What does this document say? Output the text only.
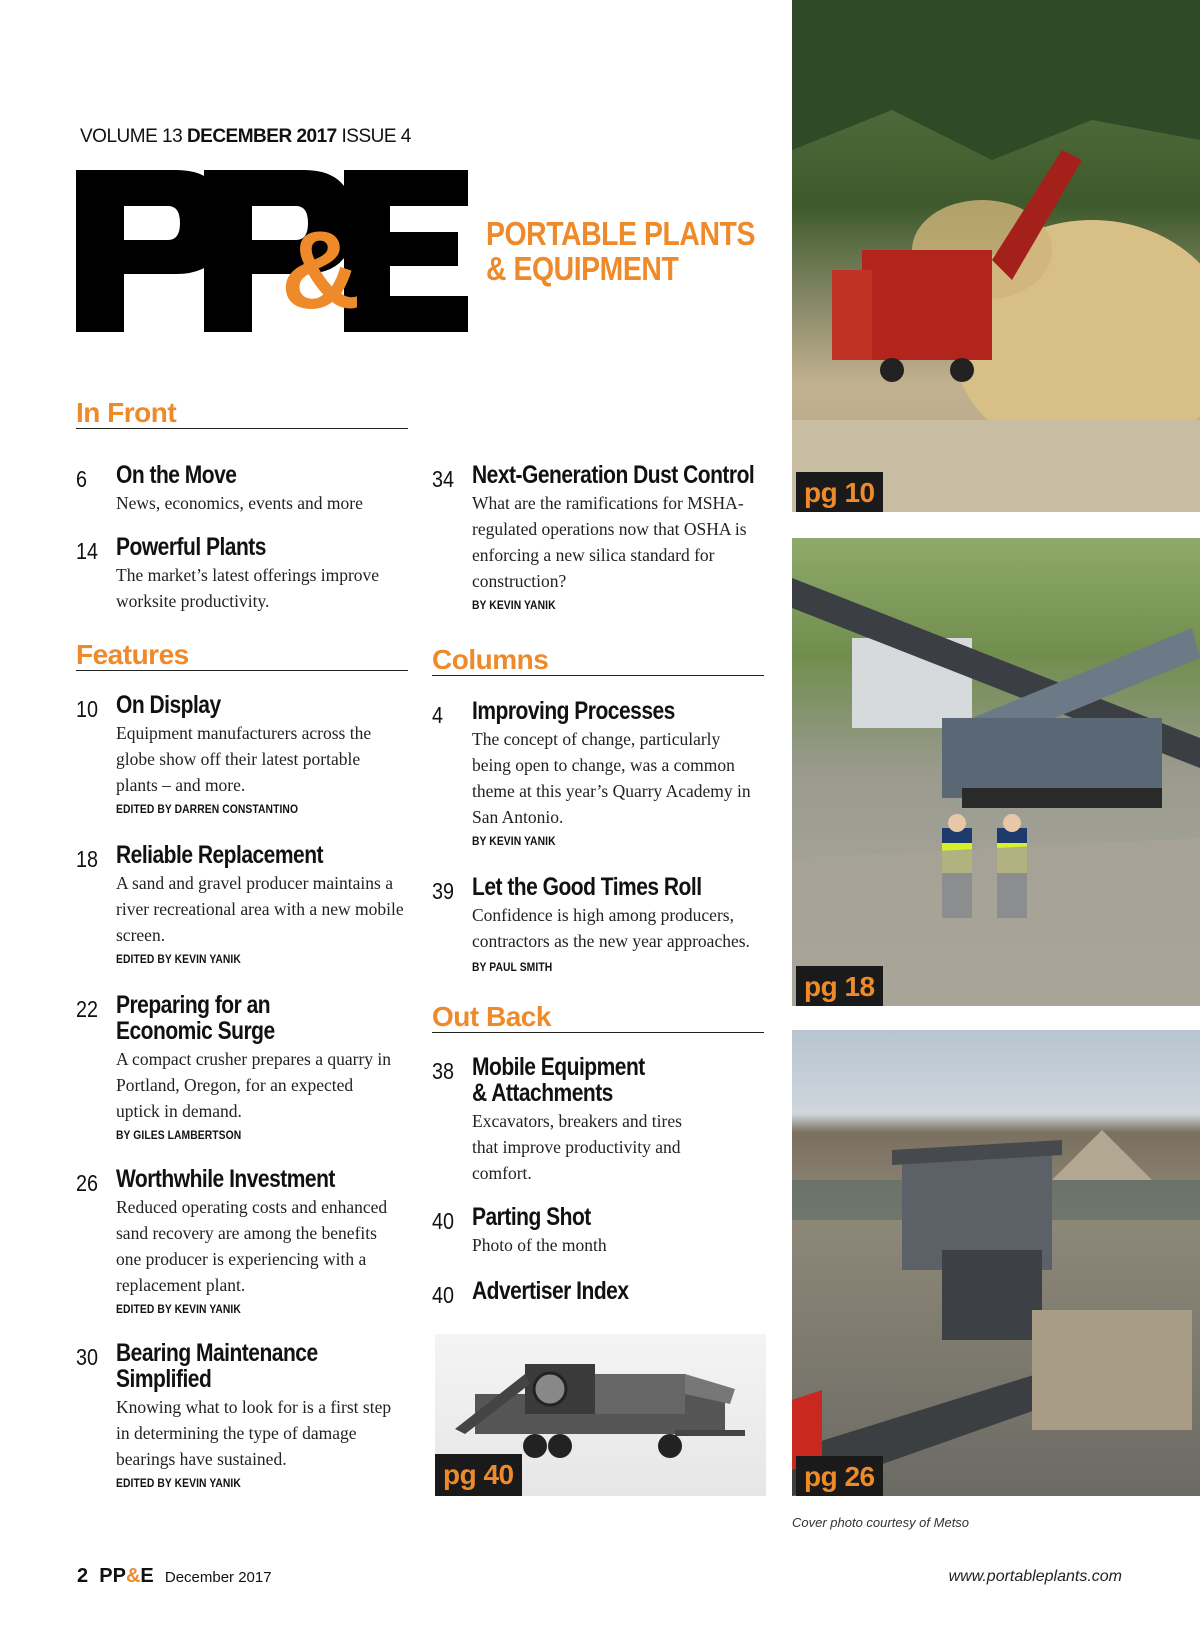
VOLUME 13 DECEMBER 2017 ISSUE 4
&	PORTABLE PLANTS
& EQUIPMENT
In Front
6 On the Move
News, economics, events and more
14 Powerful Plants
The market’s latest offerings improve worksite productivity.
Features
10 On Display
Equipment manufacturers across the globe show off their latest portable plants – and more.
EDITED BY DARREN CONSTANTINO
18 Reliable Replacement
A sand and gravel producer maintains a river recreational area with a new mobile screen.
EDITED BY KEVIN YANIK
22 Preparing for an
Economic Surge
A compact crusher prepares a quarry in Portland, Oregon, for an expected uptick in demand.
BY GILES LAMBERTSON
26 Worthwhile Investment
Reduced operating costs and enhanced sand recovery are among the benefits one producer is experiencing with a replacement plant.
EDITED BY KEVIN YANIK
30 Bearing Maintenance
Simplified
Knowing what to look for is a first step in determining the type of damage bearings have sustained.
EDITED BY KEVIN YANIK
34 Next-Generation Dust Control
What are the ramifications for MSHA-regulated operations now that OSHA is enforcing a new silica standard for construction?
BY KEVIN YANIK
Columns
4 Improving Processes
The concept of change, particularly being open to change, was a common theme at this year’s Quarry Academy in San Antonio.
BY KEVIN YANIK
39 Let the Good Times Roll
Confidence is high among producers, contractors as the new year approaches.
BY PAUL SMITH
Out Back
38 Mobile Equipment
& Attachments
Excavators, breakers and tires that improve productivity and comfort.
40 Parting Shot
Photo of the month
40 Advertiser Index
pg 40
pg 10
pg 18
pg 26
Cover photo courtesy of Metso
2 PP&E December 2017	www.portableplants.com
